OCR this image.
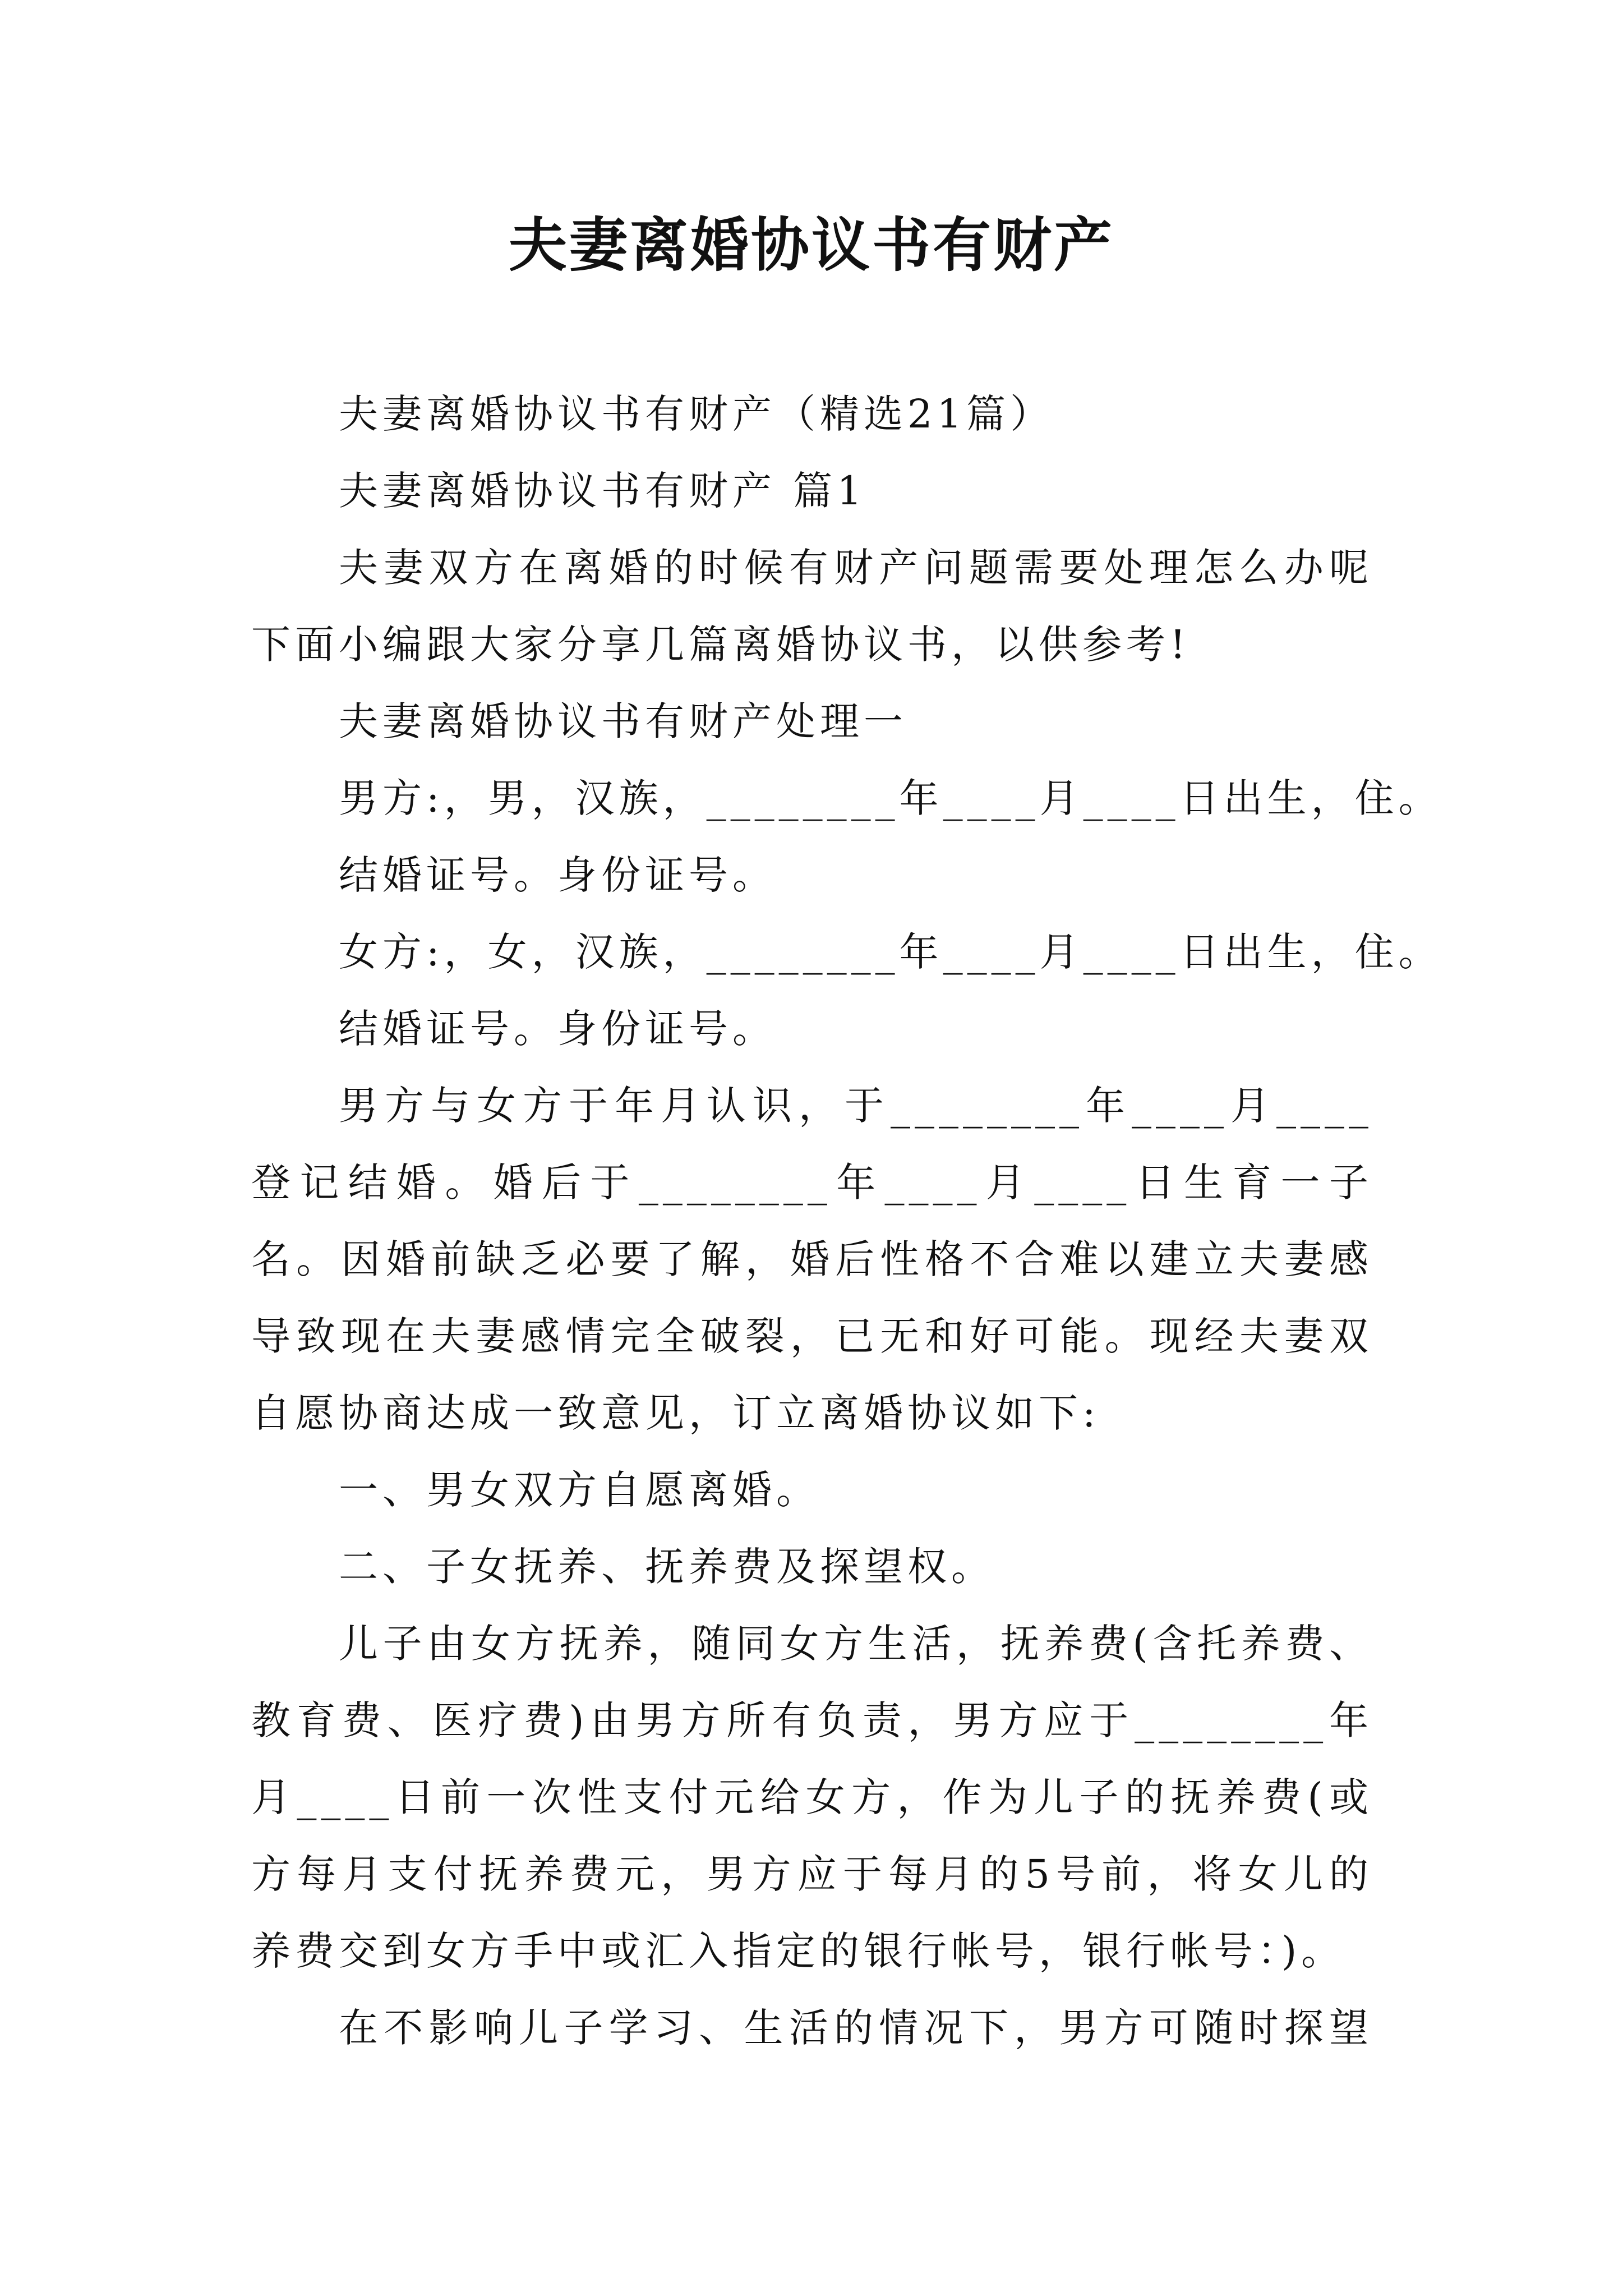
夫妻离婚协议书有财产
夫妻离婚协议书有财产（精选21篇）
夫妻离婚协议书有财产 篇1
夫妻双方在离婚的时候有财产问题需要处理怎么办呢
下面小编跟大家分享几篇离婚协议书，以供参考!
夫妻离婚协议书有财产处理一
男方:，男，汉族，________年____月____日出生，住。
结婚证号。身份证号。
女方:，女，汉族，________年____月____日出生，住。
结婚证号。身份证号。
男方与女方于年月认识，于________年____月____
登记结婚。婚后于________年____月____日生育一子
名。因婚前缺乏必要了解，婚后性格不合难以建立夫妻感
导致现在夫妻感情完全破裂，已无和好可能。现经夫妻双
自愿协商达成一致意见，订立离婚协议如下:
一、男女双方自愿离婚。
二、子女抚养、抚养费及探望权。
儿子由女方抚养，随同女方生活，抚养费(含托养费、
教育费、医疗费)由男方所有负责，男方应于________年
月____日前一次性支付元给女方，作为儿子的抚养费(或
方每月支付抚养费元，男方应于每月的5号前，将女儿的
养费交到女方手中或汇入指定的银行帐号，银行帐号：)。
在不影响儿子学习、生活的情况下，男方可随时探望
